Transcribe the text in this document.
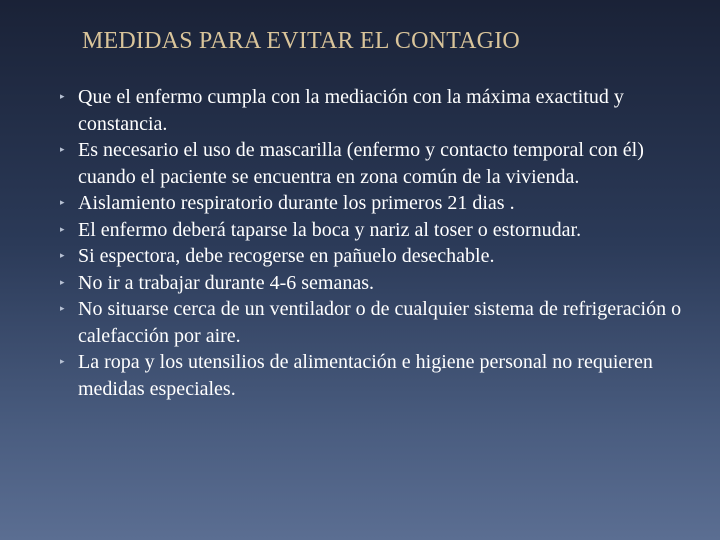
MEDIDAS PARA EVITAR EL CONTAGIO
▸ Que el enfermo cumpla con la mediación con la máxima exactitud y constancia.
▸ Es necesario el uso de mascarilla (enfermo y contacto temporal con él) cuando el paciente se encuentra en zona común de la vivienda.
▸ Aislamiento respiratorio durante los primeros 21 dias .
▸ El enfermo deberá taparse la boca y nariz al toser o estornudar.
▸ Si espectora, debe recogerse en pañuelo desechable.
▸ No ir a trabajar durante 4-6 semanas.
▸ No situarse cerca de un ventilador o de cualquier sistema de refrigeración o calefacción por aire.
▸ La ropa y los utensilios de alimentación e higiene personal no requieren medidas especiales.
